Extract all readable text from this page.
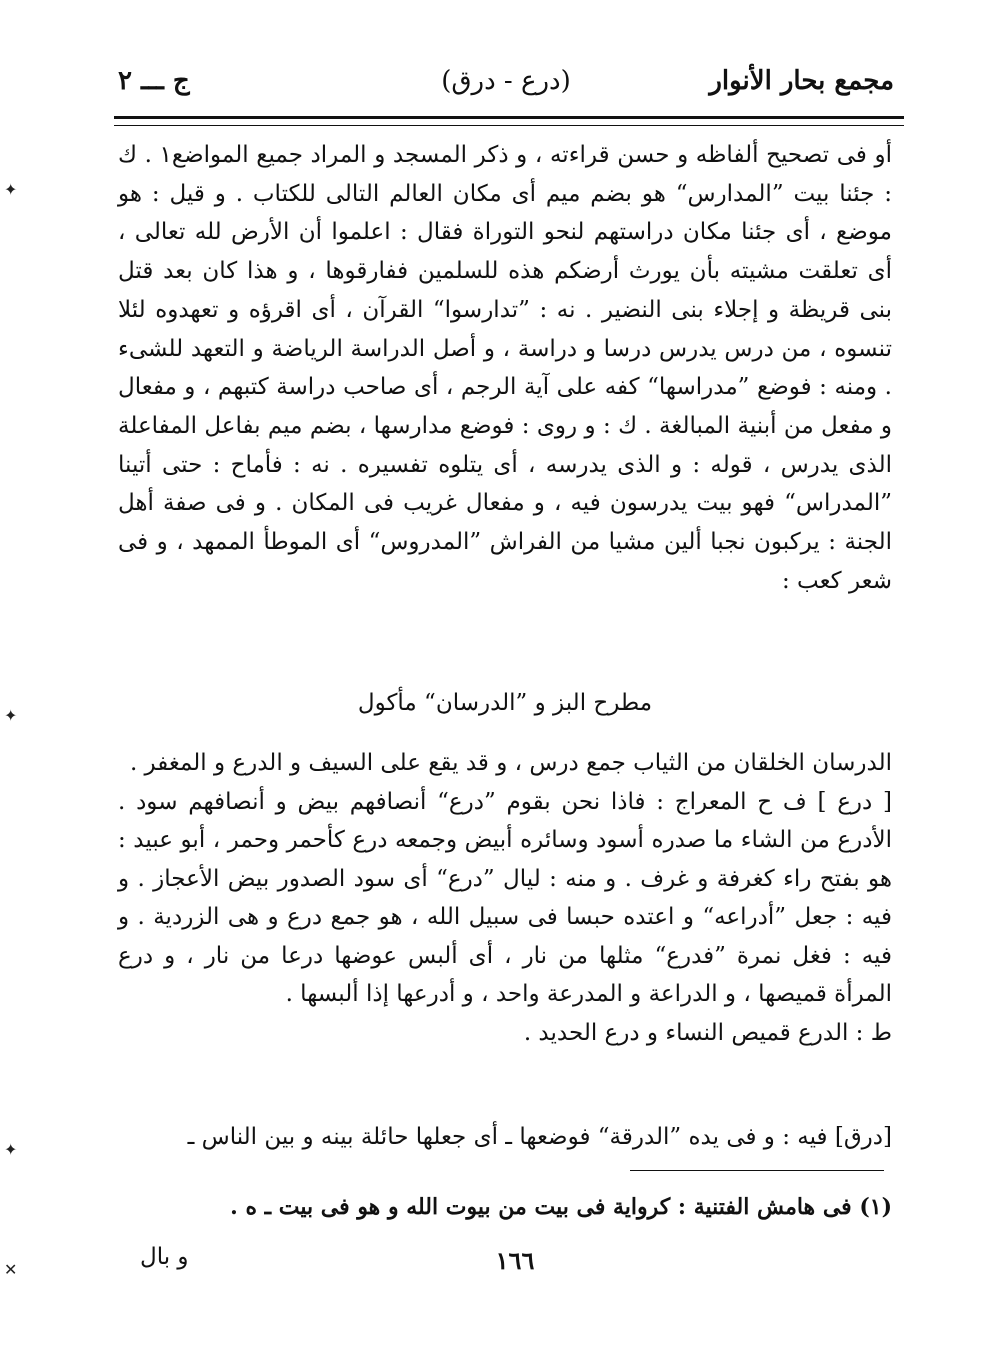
مجمع بحار الأنوار
(درع - درق)
ج ـــ ٢

أو فى تصحيح ألفاظه و حسن قراءته ، و ذكر المسجد و المراد جميع المواضع١ . ك : جئنا بيت ”المدارس“ هو بضم ميم أى مكان العالم التالى للكتاب . و قيل : هو موضع ، أى جئنا مكان دراستهم لنحو التوراة فقال : اعلموا أن الأرض لله تعالى ، أى تعلقت مشيته بأن يورث أرضكم هذه للسلمين ففارقوها ، و هذا كان بعد قتل بنى قريظة و إجلاء بنى النضير . نه : ”تدارسوا“ القرآن ، أى اقرؤه و تعهدوه لئلا تنسوه ، من درس يدرس درسا و دراسة ، و أصل الدراسة الرياضة و التعهد للشىء . ومنه : فوضع ”مدراسها“ كفه على آية الرجم ، أى صاحب دراسة كتبهم ، و مفعال و مفعل من أبنية المبالغة . ك : و روى : فوضع مدارسها ، بضم ميم بفاعل المفاعلة الذى يدرس ، قوله : و الذى يدرسه ، أى يتلوه تفسيره . نه : فأماح : حتى أتينا ”المدراس“ فهو بيت يدرسون فيه ، و مفعال غريب فى المكان . و فى صفة أهل الجنة : يركبون نجبا ألين مشيا من الفراش ”المدروس“ أى الموطأ الممهد ، و فى شعر كعب :

مطرح البز و ”الدرسان“ مأكول

الدرسان الخلقان من الثياب جمع درس ، و قد يقع على السيف و الدرع و المغفر .

[ درع ] ف ح المعراج : فاذا نحن بقوم ”درع“ أنصافهم بيض و أنصافهم سود . الأدرع من الشاء ما صدره أسود وسائره أبيض وجمعه درع كأحمر وحمر ، أبو عبيد : هو بفتح راء كغرفة و غرف . و منه : ليال ”درع“ أى سود الصدور بيض الأعجاز . و فيه : جعل ”أدراعه“ و اعتده حبسا فى سبيل الله ، هو جمع درع و هى الزردية . و فيه : فغل نمرة ”فدرع“ مثلها من نار ، أى ألبس عوضها درعا من نار ، و درع المرأة قميصها ، و الدراعة و المدرعة واحد ، و أدرعها إذا ألبسها .

ط : الدرع قميص النساء و درع الحديد .

[درق] فيه : و فى يده ”الدرقة“ فوضعها ـ أى جعلها حائلة بينه و بين الناس ـ

(١) فى هامش الفتنية : كرواية فى بيت من بيوت الله و هو فى بيت ـ ه .

١٦٦
و بال
✦
✦
✦
✕
